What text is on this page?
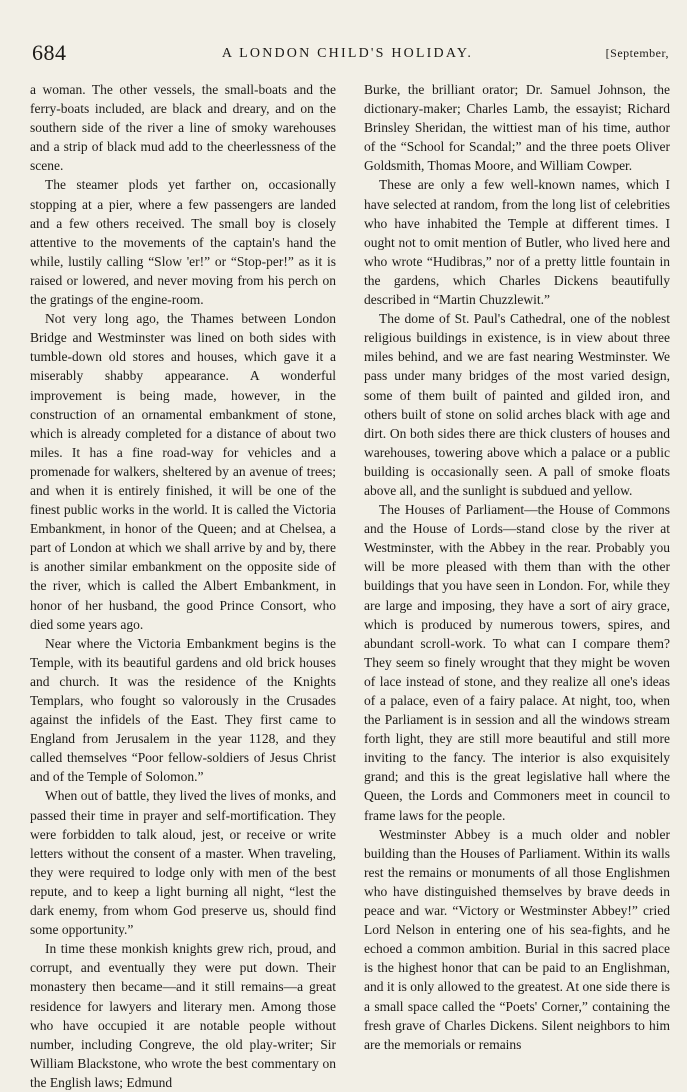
684	A LONDON CHILD'S HOLIDAY.	[September,

a woman. The other vessels, the small-boats and the ferry-boats included, are black and dreary, and on the southern side of the river a line of smoky warehouses and a strip of black mud add to the cheerlessness of the scene.

The steamer plods yet farther on, occasionally stopping at a pier, where a few passengers are landed and a few others received. The small boy is closely attentive to the movements of the captain's hand the while, lustily calling “Slow 'er!” or “Stop-per!” as it is raised or lowered, and never moving from his perch on the gratings of the engine-room.

Not very long ago, the Thames between London Bridge and Westminster was lined on both sides with tumble-down old stores and houses, which gave it a miserably shabby appearance. A wonderful improvement is being made, however, in the construction of an ornamental embankment of stone, which is already completed for a distance of about two miles. It has a fine road-way for vehicles and a promenade for walkers, sheltered by an avenue of trees; and when it is entirely finished, it will be one of the finest public works in the world. It is called the Victoria Embankment, in honor of the Queen; and at Chelsea, a part of London at which we shall arrive by and by, there is another similar embankment on the opposite side of the river, which is called the Albert Embankment, in honor of her husband, the good Prince Consort, who died some years ago.

Near where the Victoria Embankment begins is the Temple, with its beautiful gardens and old brick houses and church. It was the residence of the Knights Templars, who fought so valorously in the Crusades against the infidels of the East. They first came to England from Jerusalem in the year 1128, and they called themselves “Poor fellow-soldiers of Jesus Christ and of the Temple of Solomon.”

When out of battle, they lived the lives of monks, and passed their time in prayer and self-mortification. They were forbidden to talk aloud, jest, or receive or write letters without the consent of a master. When traveling, they were required to lodge only with men of the best repute, and to keep a light burning all night, “lest the dark enemy, from whom God preserve us, should find some opportunity.”

In time these monkish knights grew rich, proud, and corrupt, and eventually they were put down. Their monastery then became—and it still remains—a great residence for lawyers and literary men. Among those who have occupied it are notable people without number, including Congreve, the old play-writer; Sir William Blackstone, who wrote the best commentary on the English laws; Edmund

Burke, the brilliant orator; Dr. Samuel Johnson, the dictionary-maker; Charles Lamb, the essayist; Richard Brinsley Sheridan, the wittiest man of his time, author of the “School for Scandal;” and the three poets Oliver Goldsmith, Thomas Moore, and William Cowper.

These are only a few well-known names, which I have selected at random, from the long list of celebrities who have inhabited the Temple at different times. I ought not to omit mention of Butler, who lived here and who wrote “Hudibras,” nor of a pretty little fountain in the gardens, which Charles Dickens beautifully described in “Martin Chuzzlewit.”

The dome of St. Paul's Cathedral, one of the noblest religious buildings in existence, is in view about three miles behind, and we are fast nearing Westminster. We pass under many bridges of the most varied design, some of them built of painted and gilded iron, and others built of stone on solid arches black with age and dirt. On both sides there are thick clusters of houses and warehouses, towering above which a palace or a public building is occasionally seen. A pall of smoke floats above all, and the sunlight is subdued and yellow.

The Houses of Parliament—the House of Commons and the House of Lords—stand close by the river at Westminster, with the Abbey in the rear. Probably you will be more pleased with them than with the other buildings that you have seen in London. For, while they are large and imposing, they have a sort of airy grace, which is produced by numerous towers, spires, and abundant scroll-work. To what can I compare them? They seem so finely wrought that they might be woven of lace instead of stone, and they realize all one's ideas of a palace, even of a fairy palace. At night, too, when the Parliament is in session and all the windows stream forth light, they are still more beautiful and still more inviting to the fancy. The interior is also exquisitely grand; and this is the great legislative hall where the Queen, the Lords and Commoners meet in council to frame laws for the people.

Westminster Abbey is a much older and nobler building than the Houses of Parliament. Within its walls rest the remains or monuments of all those Englishmen who have distinguished themselves by brave deeds in peace and war. “Victory or Westminster Abbey!” cried Lord Nelson in entering one of his sea-fights, and he echoed a common ambition. Burial in this sacred place is the highest honor that can be paid to an Englishman, and it is only allowed to the greatest. At one side there is a small space called the “Poets' Corner,” containing the fresh grave of Charles Dickens. Silent neighbors to him are the memorials or remains
